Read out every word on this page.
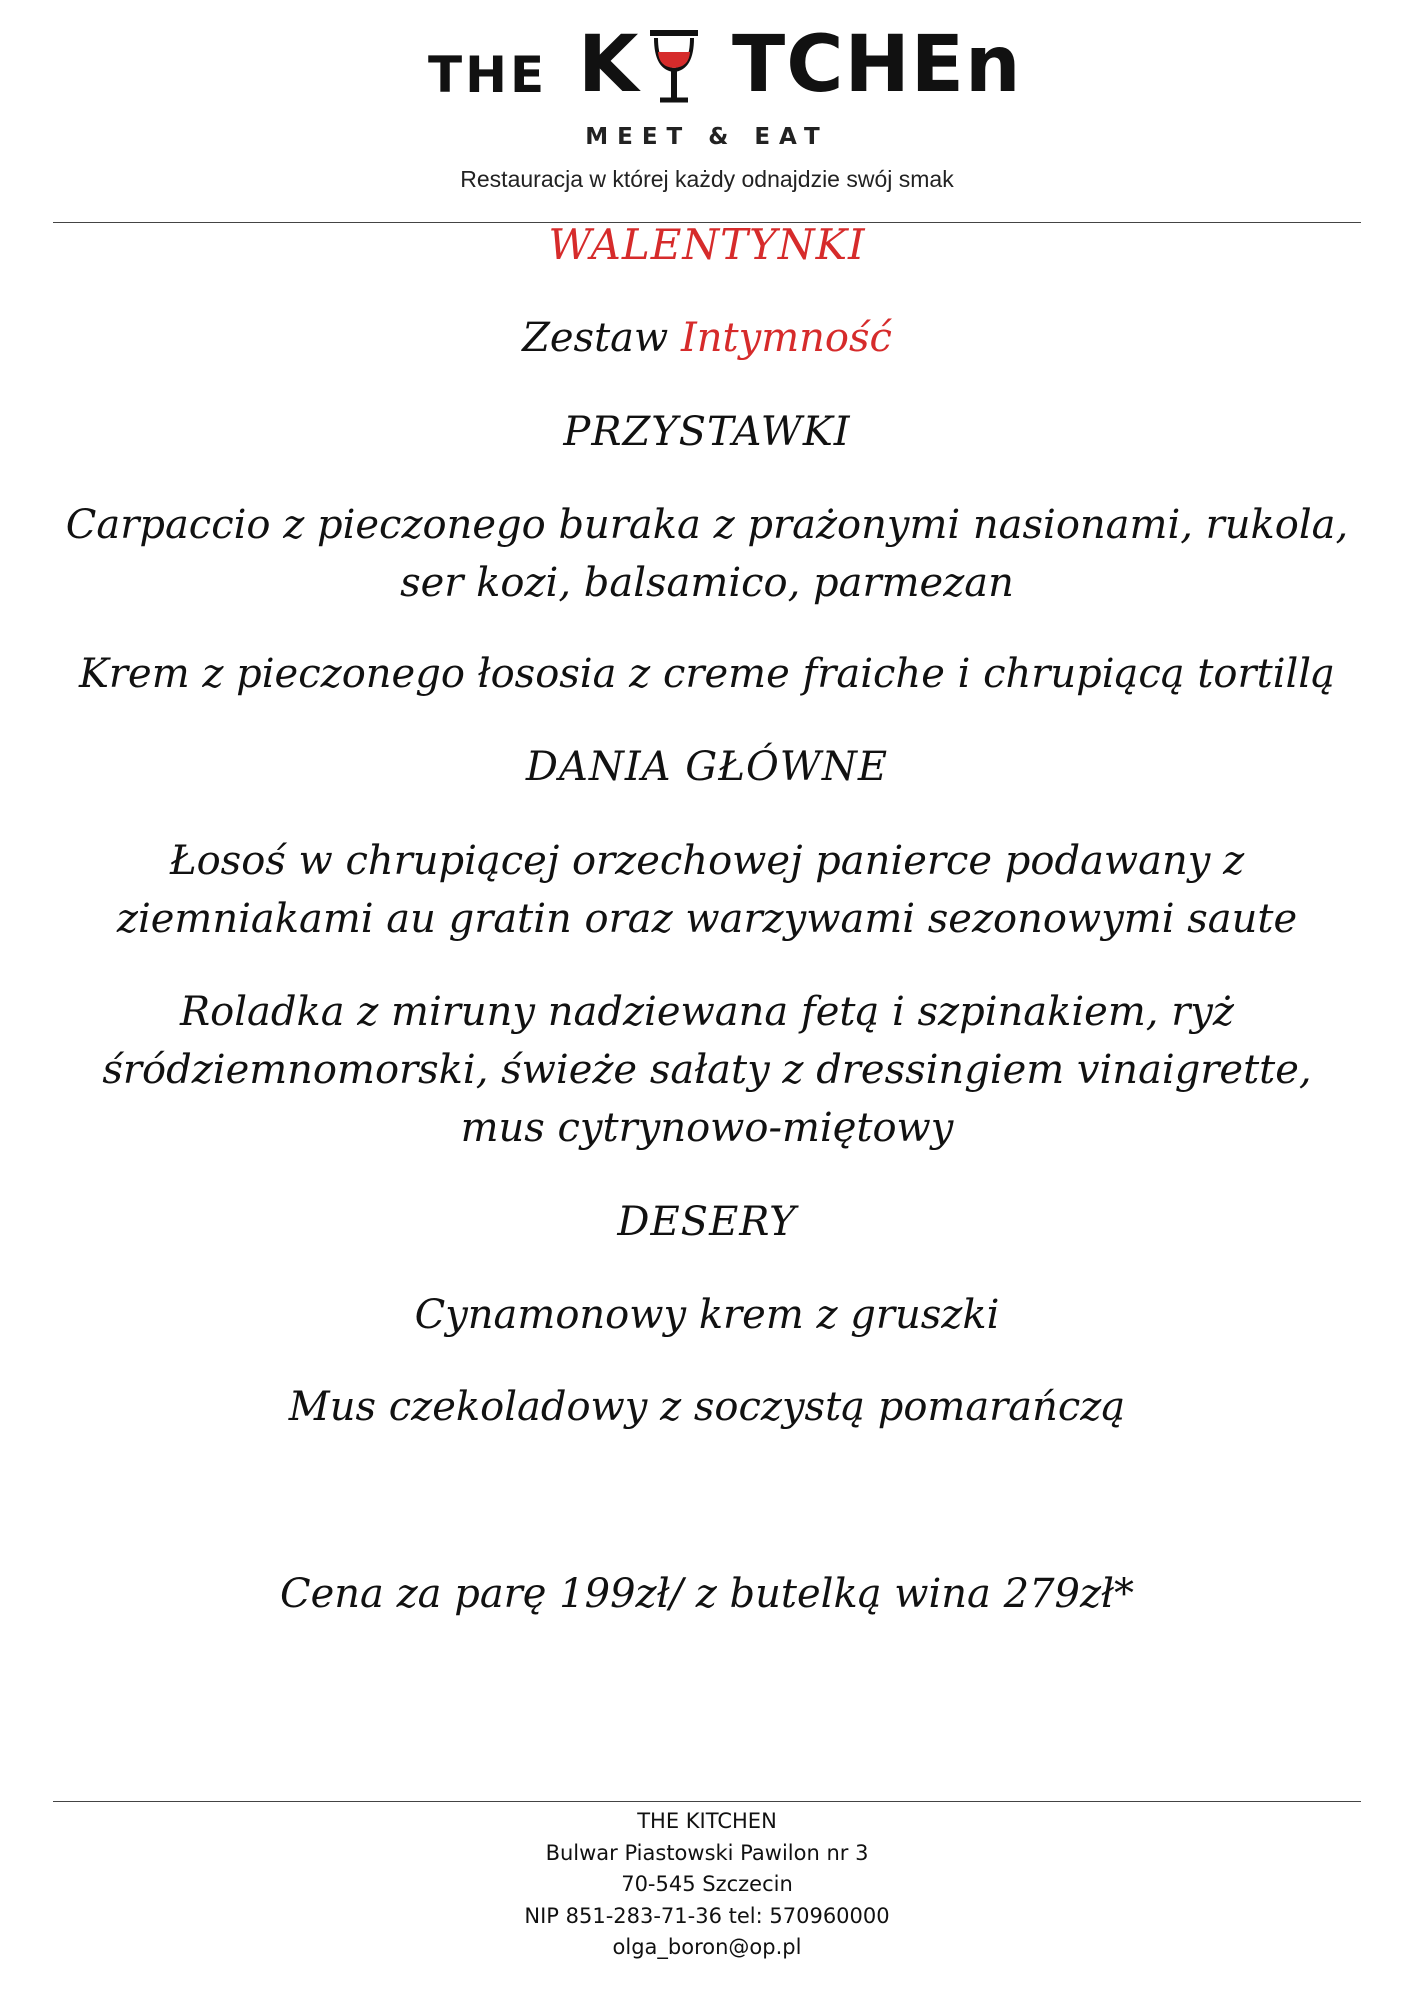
THE K TCHEn
MEET & EAT
Restauracja w której każdy odnajdzie swój smak
WALENTYNKI
Zestaw Intymność
PRZYSTAWKI
Carpaccio z pieczonego buraka z prażonymi nasionami, rukola,
ser kozi, balsamico, parmezan
Krem z pieczonego łososia z creme fraiche i chrupiącą tortillą
DANIA GŁÓWNE
Łosoś w chrupiącej orzechowej panierce podawany z
ziemniakami au gratin oraz warzywami sezonowymi saute
Roladka z miruny nadziewana fetą i szpinakiem, ryż
śródziemnomorski, świeże sałaty z dressingiem vinaigrette,
mus cytrynowo-miętowy
DESERY
Cynamonowy krem z gruszki
Mus czekoladowy z soczystą pomarańczą
Cena za parę 199zł/ z butelką wina 279zł*
THE KITCHEN
Bulwar Piastowski Pawilon nr 3
70-545 Szczecin
NIP 851-283-71-36 tel: 570960000
olga_boron@op.pl
